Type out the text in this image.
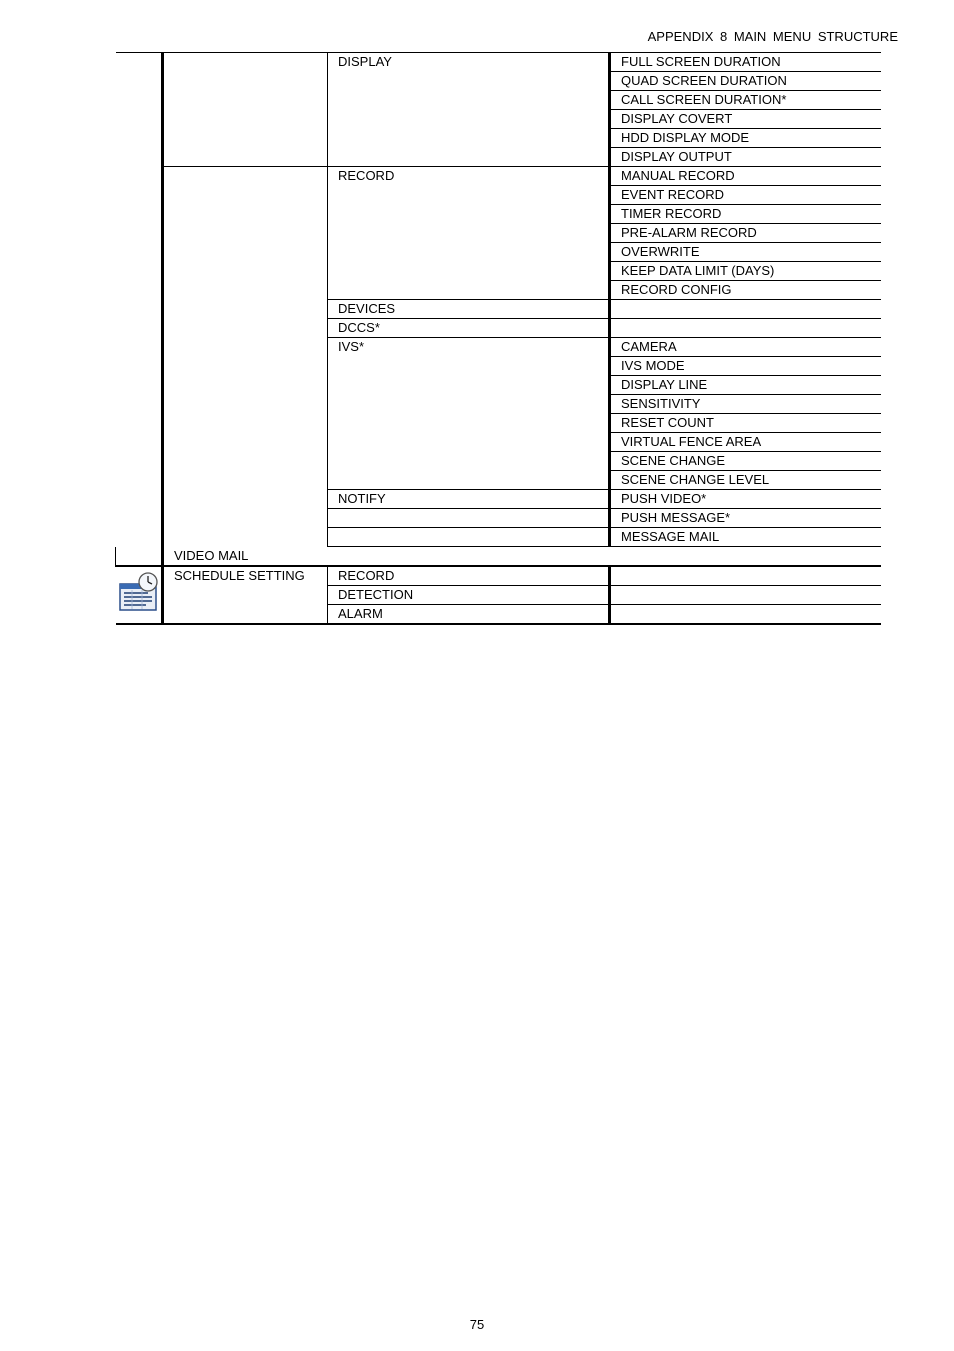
APPENDIX 8 MAIN MENU STRUCTURE
		DISPLAY	FULL SCREEN DURATION
			QUAD SCREEN DURATION
			CALL SCREEN DURATION*
			DISPLAY COVERT
			HDD DISPLAY MODE
			DISPLAY OUTPUT
		RECORD	MANUAL RECORD
			EVENT RECORD
			TIMER RECORD
			PRE-ALARM RECORD
			OVERWRITE
			KEEP DATA LIMIT (DAYS)
			RECORD CONFIG
		DEVICES	
		DCCS*	
		IVS*	CAMERA
			IVS MODE
			DISPLAY LINE
			SENSITIVITY
			RESET COUNT
			VIRTUAL FENCE AREA
			SCENE CHANGE
			SCENE CHANGE LEVEL
		NOTIFY	PUSH VIDEO*
			PUSH MESSAGE*
			MESSAGE MAIL
	VIDEO MAIL		

	SCHEDULE SETTING	RECORD	
		DETECTION	
		ALARM	
75
